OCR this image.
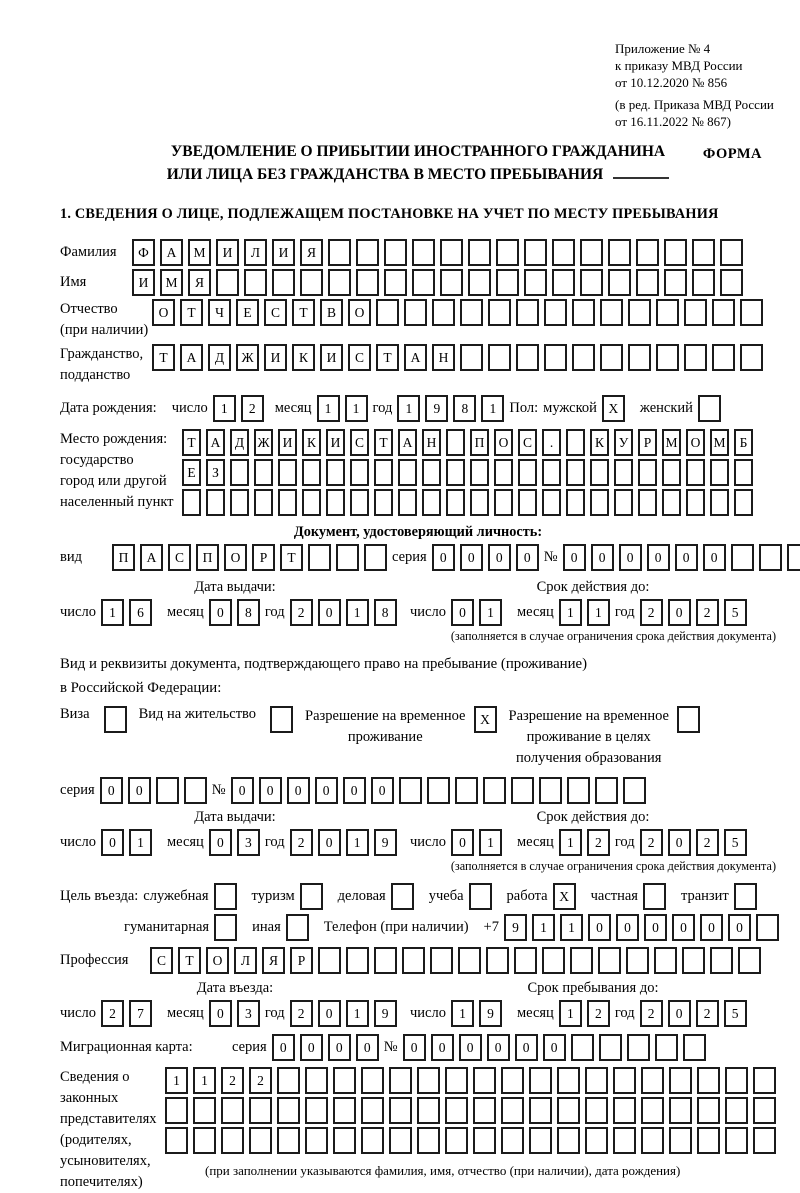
Приложение № 4
к приказу МВД России
от 10.12.2020 № 856
(в ред. Приказа МВД России
от 16.11.2022 № 867)
ФОРМА
УВЕДОМЛЕНИЕ О ПРИБЫТИИ ИНОСТРАННОГО ГРАЖДАНИНА
ИЛИ ЛИЦА БЕЗ ГРАЖДАНСТВА В МЕСТО ПРЕБЫВАНИЯ
1. СВЕДЕНИЯ О ЛИЦЕ, ПОДЛЕЖАЩЕМ ПОСТАНОВКЕ НА УЧЕТ ПО МЕСТУ ПРЕБЫВАНИЯ
Фамилия	Ф	А	М	И	Л	И	Я
Имя	И	М	Я
Отчество
(при наличии)
О	Т	Ч	Е	С	Т	В	О
Гражданство,
подданство
Т	А	Д	Ж	И	К	И	С	Т	А	Н
Дата рождения: число 1	2	месяц 1	1 год 1	9	8	1 Пол: мужской X	женский
Место рождения:
государство
город или другой
населенный пункт
Т	А	Д Ж И	К	И	С	Т	А	Н	П	О	С	.	К	У	Р	М О М	Б
Е	З
Документ, удостоверяющий личность:
вид	П	А	С	П	О	Р	Т	серия 0	0	0	0 № 0	0	0	0	0	0
Дата выдачи:
число 1	6	месяц 0	8 год 2	0	1	8
Срок действия до:
число 0	1	месяц 1	1 год 2	0	2	5
(заполняется в случае ограничения срока действия документа)
Вид и реквизиты документа, подтверждающего право на пребывание (проживание)
в Российской Федерации:
Виза	Вид на жительство	Разрешение на временное
проживание
X	Разрешение на временное
проживание в целях
получения образования
серия 0	0	№ 0	0	0	0	0	0
Дата выдачи:
число 0	1	месяц 0	3 год 2	0	1	9
Срок действия до:
число 0	1	месяц 1	2 год 2	0	2	5
(заполняется в случае ограничения срока действия документа)
Цель въезда: служебная	туризм	деловая	учеба	работа X	частная	транзит
гуманитарная	иная	Телефон (при наличии) +7 9	1	1	0	0	0	0	0	0
Профессия	С	Т	О	Л	Я	Р
Дата въезда:
число 2	7	месяц 0	3 год 2	0	1	9
Срок пребывания до:
число 1	9	месяц 1	2 год 2	0	2	5
Миграционная карта:	серия 0	0	0	0 № 0	0	0	0	0	0
Сведения о
законных
представителях
(родителях,
усыновителях,
попечителях)
1	1	2	2
(при заполнении указываются фамилия, имя, отчество (при наличии), дата рождения)
